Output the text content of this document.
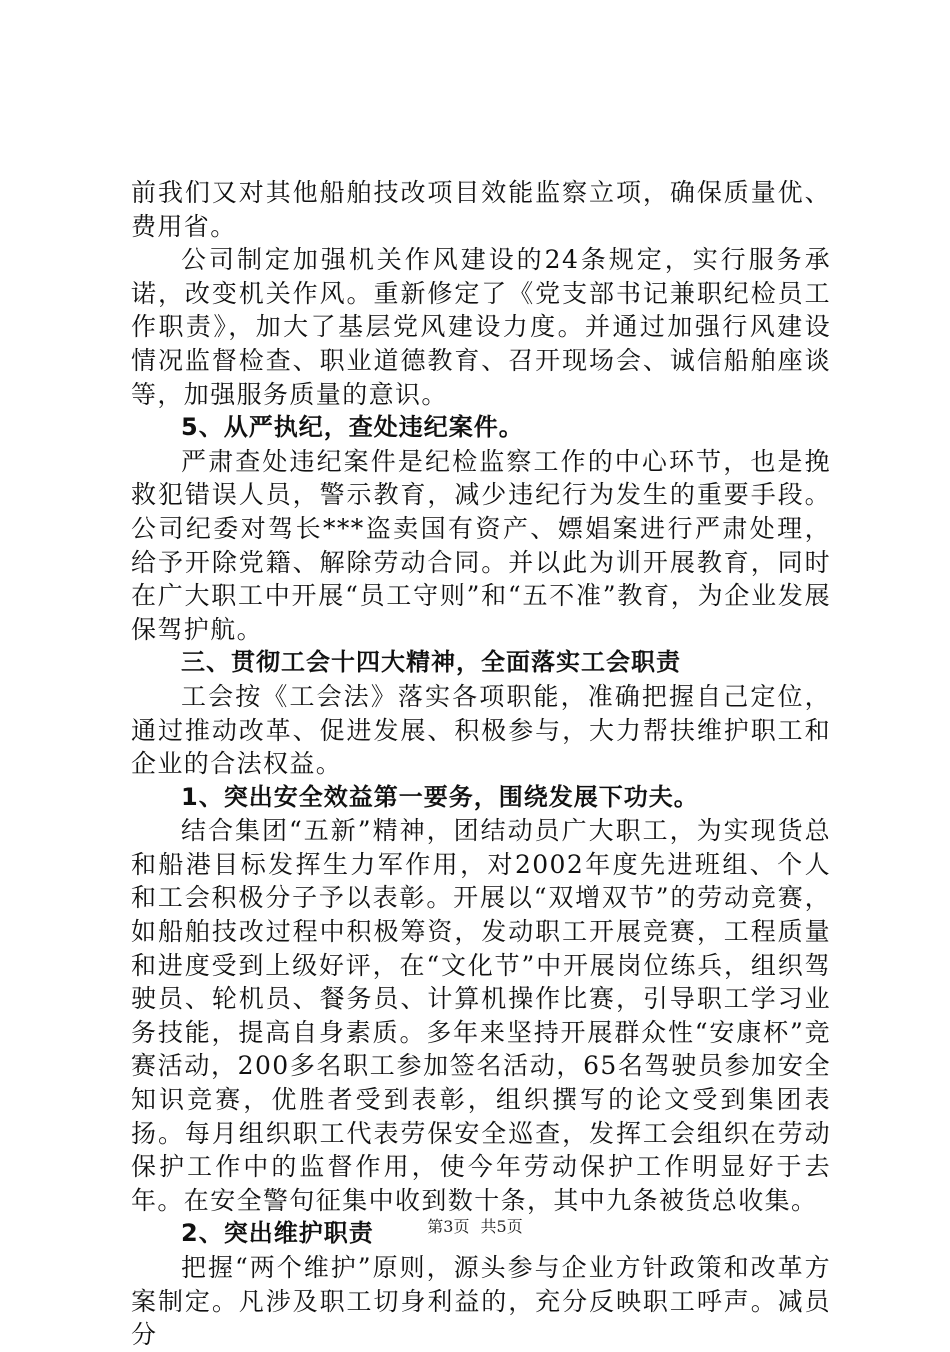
前我们又对其他船舶技改项目效能监察立项，确保质量优、费用省。

公司制定加强机关作风建设的24条规定，实行服务承诺，改变机关作风。重新修定了《党支部书记兼职纪检员工作职责》，加大了基层党风建设力度。并通过加强行风建设情况监督检查、职业道德教育、召开现场会、诚信船舶座谈等，加强服务质量的意识。

5、从严执纪，查处违纪案件。

严肃查处违纪案件是纪检监察工作的中心环节，也是挽救犯错误人员，警示教育，减少违纪行为发生的重要手段。公司纪委对驾长***盗卖国有资产、嫖娼案进行严肃处理，给予开除党籍、解除劳动合同。并以此为训开展教育，同时在广大职工中开展“员工守则”和“五不准”教育，为企业发展保驾护航。

三、贯彻工会十四大精神，全面落实工会职责

工会按《工会法》落实各项职能，准确把握自己定位，通过推动改革、促进发展、积极参与，大力帮扶维护职工和企业的合法权益。

1、突出安全效益第一要务，围绕发展下功夫。

结合集团“五新”精神，团结动员广大职工，为实现货总和船港目标发挥生力军作用，对2002年度先进班组、个人和工会积极分子予以表彰。开展以“双增双节”的劳动竞赛，如船舶技改过程中积极筹资，发动职工开展竞赛，工程质量和进度受到上级好评，在“文化节”中开展岗位练兵，组织驾驶员、轮机员、餐务员、计算机操作比赛，引导职工学习业务技能，提高自身素质。多年来坚持开展群众性“安康杯”竞赛活动，200多名职工参加签名活动，65名驾驶员参加安全知识竞赛，优胜者受到表彰，组织撰写的论文受到集团表扬。每月组织职工代表劳保安全巡查，发挥工会组织在劳动保护工作中的监督作用，使今年劳动保护工作明显好于去年。在安全警句征集中收到数十条，其中九条被货总收集。

2、突出维护职责

把握“两个维护”原则，源头参与企业方针政策和改革方案制定。凡涉及职工切身利益的，充分反映职工呼声。减员分

第3页 共5页
